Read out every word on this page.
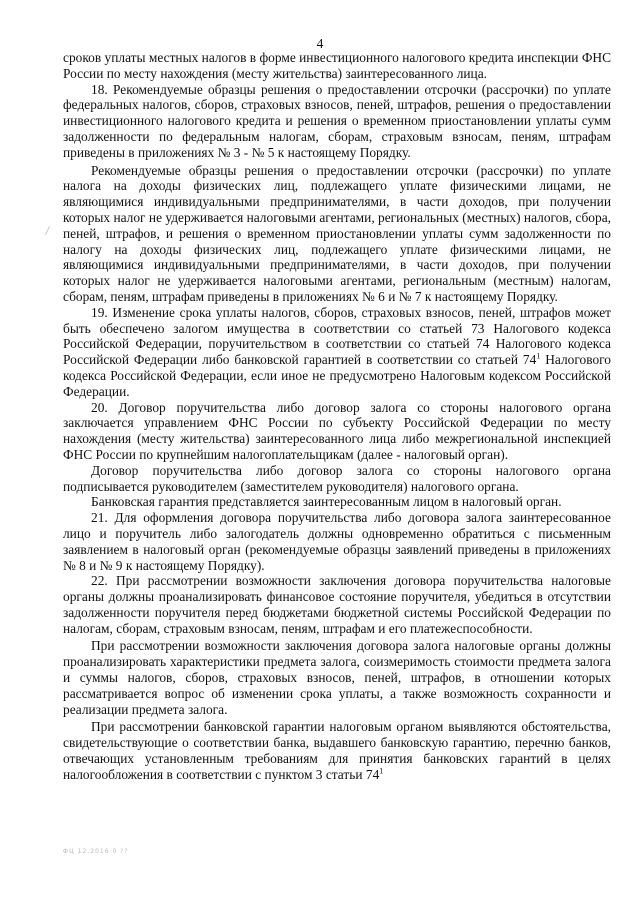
4

сроков уплаты местных налогов в форме инвестиционного налогового кредита инспекции ФНС России по месту нахождения (месту жительства) заинтересованного лица.

18. Рекомендуемые образцы решения о предоставлении отсрочки (рассрочки) по уплате федеральных налогов, сборов, страховых взносов, пеней, штрафов, решения о предоставлении инвестиционного налогового кредита и решения о временном приостановлении уплаты сумм задолженности по федеральным налогам, сборам, страховым взносам, пеням, штрафам приведены в приложениях № 3 - № 5 к настоящему Порядку.

Рекомендуемые образцы решения о предоставлении отсрочки (рассрочки) по уплате налога на доходы физических лиц, подлежащего уплате физическими лицами, не являющимися индивидуальными предпринимателями, в части доходов, при получении которых налог не удерживается налоговыми агентами, региональных (местных) налогов, сбора, пеней, штрафов, и решения о временном приостановлении уплаты сумм задолженности по налогу на доходы физических лиц, подлежащего уплате физическими лицами, не являющимися индивидуальными предпринимателями, в части доходов, при получении которых налог не удерживается налоговыми агентами, региональным (местным) налогам, сборам, пеням, штрафам приведены в приложениях № 6 и № 7 к настоящему Порядку.

19. Изменение срока уплаты налогов, сборов, страховых взносов, пеней, штрафов может быть обеспечено залогом имущества в соответствии со статьей 73 Налогового кодекса Российской Федерации, поручительством в соответствии со статьей 74 Налогового кодекса Российской Федерации либо банковской гарантией в соответствии со статьей $74^1$ Налогового кодекса Российской Федерации, если иное не предусмотрено Налоговым кодексом Российской Федерации.

20. Договор поручительства либо договор залога со стороны налогового органа заключается управлением ФНС России по субъекту Российской Федерации по месту нахождения (месту жительства) заинтересованного лица либо межрегиональной инспекцией ФНС России по крупнейшим налогоплательщикам (далее - налоговый орган).

Договор поручительства либо договор залога со стороны налогового органа подписывается руководителем (заместителем руководителя) налогового органа.

Банковская гарантия представляется заинтересованным лицом в налоговый орган.

21. Для оформления договора поручительства либо договора залога заинтересованное лицо и поручитель либо залогодатель должны одновременно обратиться с письменным заявлением в налоговый орган (рекомендуемые образцы заявлений приведены в приложениях № 8 и № 9 к настоящему Порядку).

22. При рассмотрении возможности заключения договора поручительства налоговые органы должны проанализировать финансовое состояние поручителя, убедиться в отсутствии задолженности поручителя перед бюджетами бюджетной системы Российской Федерации по налогам, сборам, страховым взносам, пеням, штрафам и его платежеспособности.

При рассмотрении возможности заключения договора залога налоговые органы должны проанализировать характеристики предмета залога, соизмеримость стоимости предмета залога и суммы налогов, сборов, страховых взносов, пеней, штрафов, в отношении которых рассматривается вопрос об изменении срока уплаты, а также возможность сохранности и реализации предмета залога.

При рассмотрении банковской гарантии налоговым органом выявляются обстоятельства, свидетельствующие о соответствии банка, выдавшего банковскую гарантию, перечню банков, отвечающих установленным требованиям для принятия банковских гарантий в целях налогообложения в соответствии с пунктом 3 статьи $74^1$

ФЦ 12.2016 0 ??
